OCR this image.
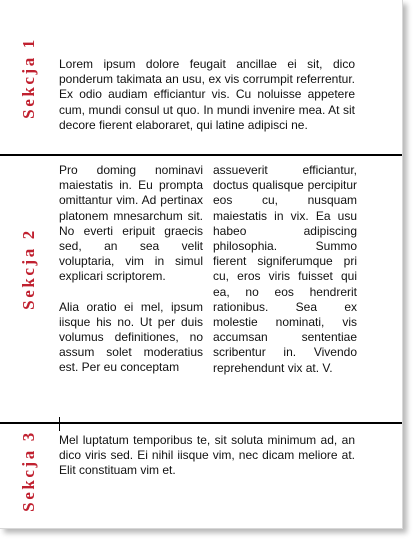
Sekcja 1 Lorem ipsum dolore feugait ancillae ei sit, dico ponderum takimata an usu, ex vis corrumpit referrentur. Ex odio audiam efficiantur vis. Cu noluisse appetere cum, mundi consul ut quo. In mundi invenire mea. At sit decore fierent elaboraret, qui latine adipisci ne.

Sekcja 2

Pro doming nominavi maiestatis in. Eu prompta omittantur vim. Ad pertinax platonem mnesarchum sit. No everti eripuit graecis sed, an sea velit voluptaria, vim in simul explicari scriptorem.

Alia oratio ei mel, ipsum iisque his no. Ut per duis volumus definitiones, no assum solet moderatius est. Per eu conceptam

assueverit efficiantur, doctus qualisque percipitur eos cu, nusquam maiestatis in vix. Ea usu habeo adipiscing philosophia. Summo fierent signiferumque pri cu, eros viris fuisset qui ea, no eos hendrerit rationibus. Sea ex molestie nominati, vis accumsan sententiae scribentur in. Vivendo reprehendunt vix at. V.

Sekcja 3 Mel luptatum temporibus te, sit soluta minimum ad, an dico viris sed. Ei nihil iisque vim, nec dicam meliore at. Elit constituam vim et.
